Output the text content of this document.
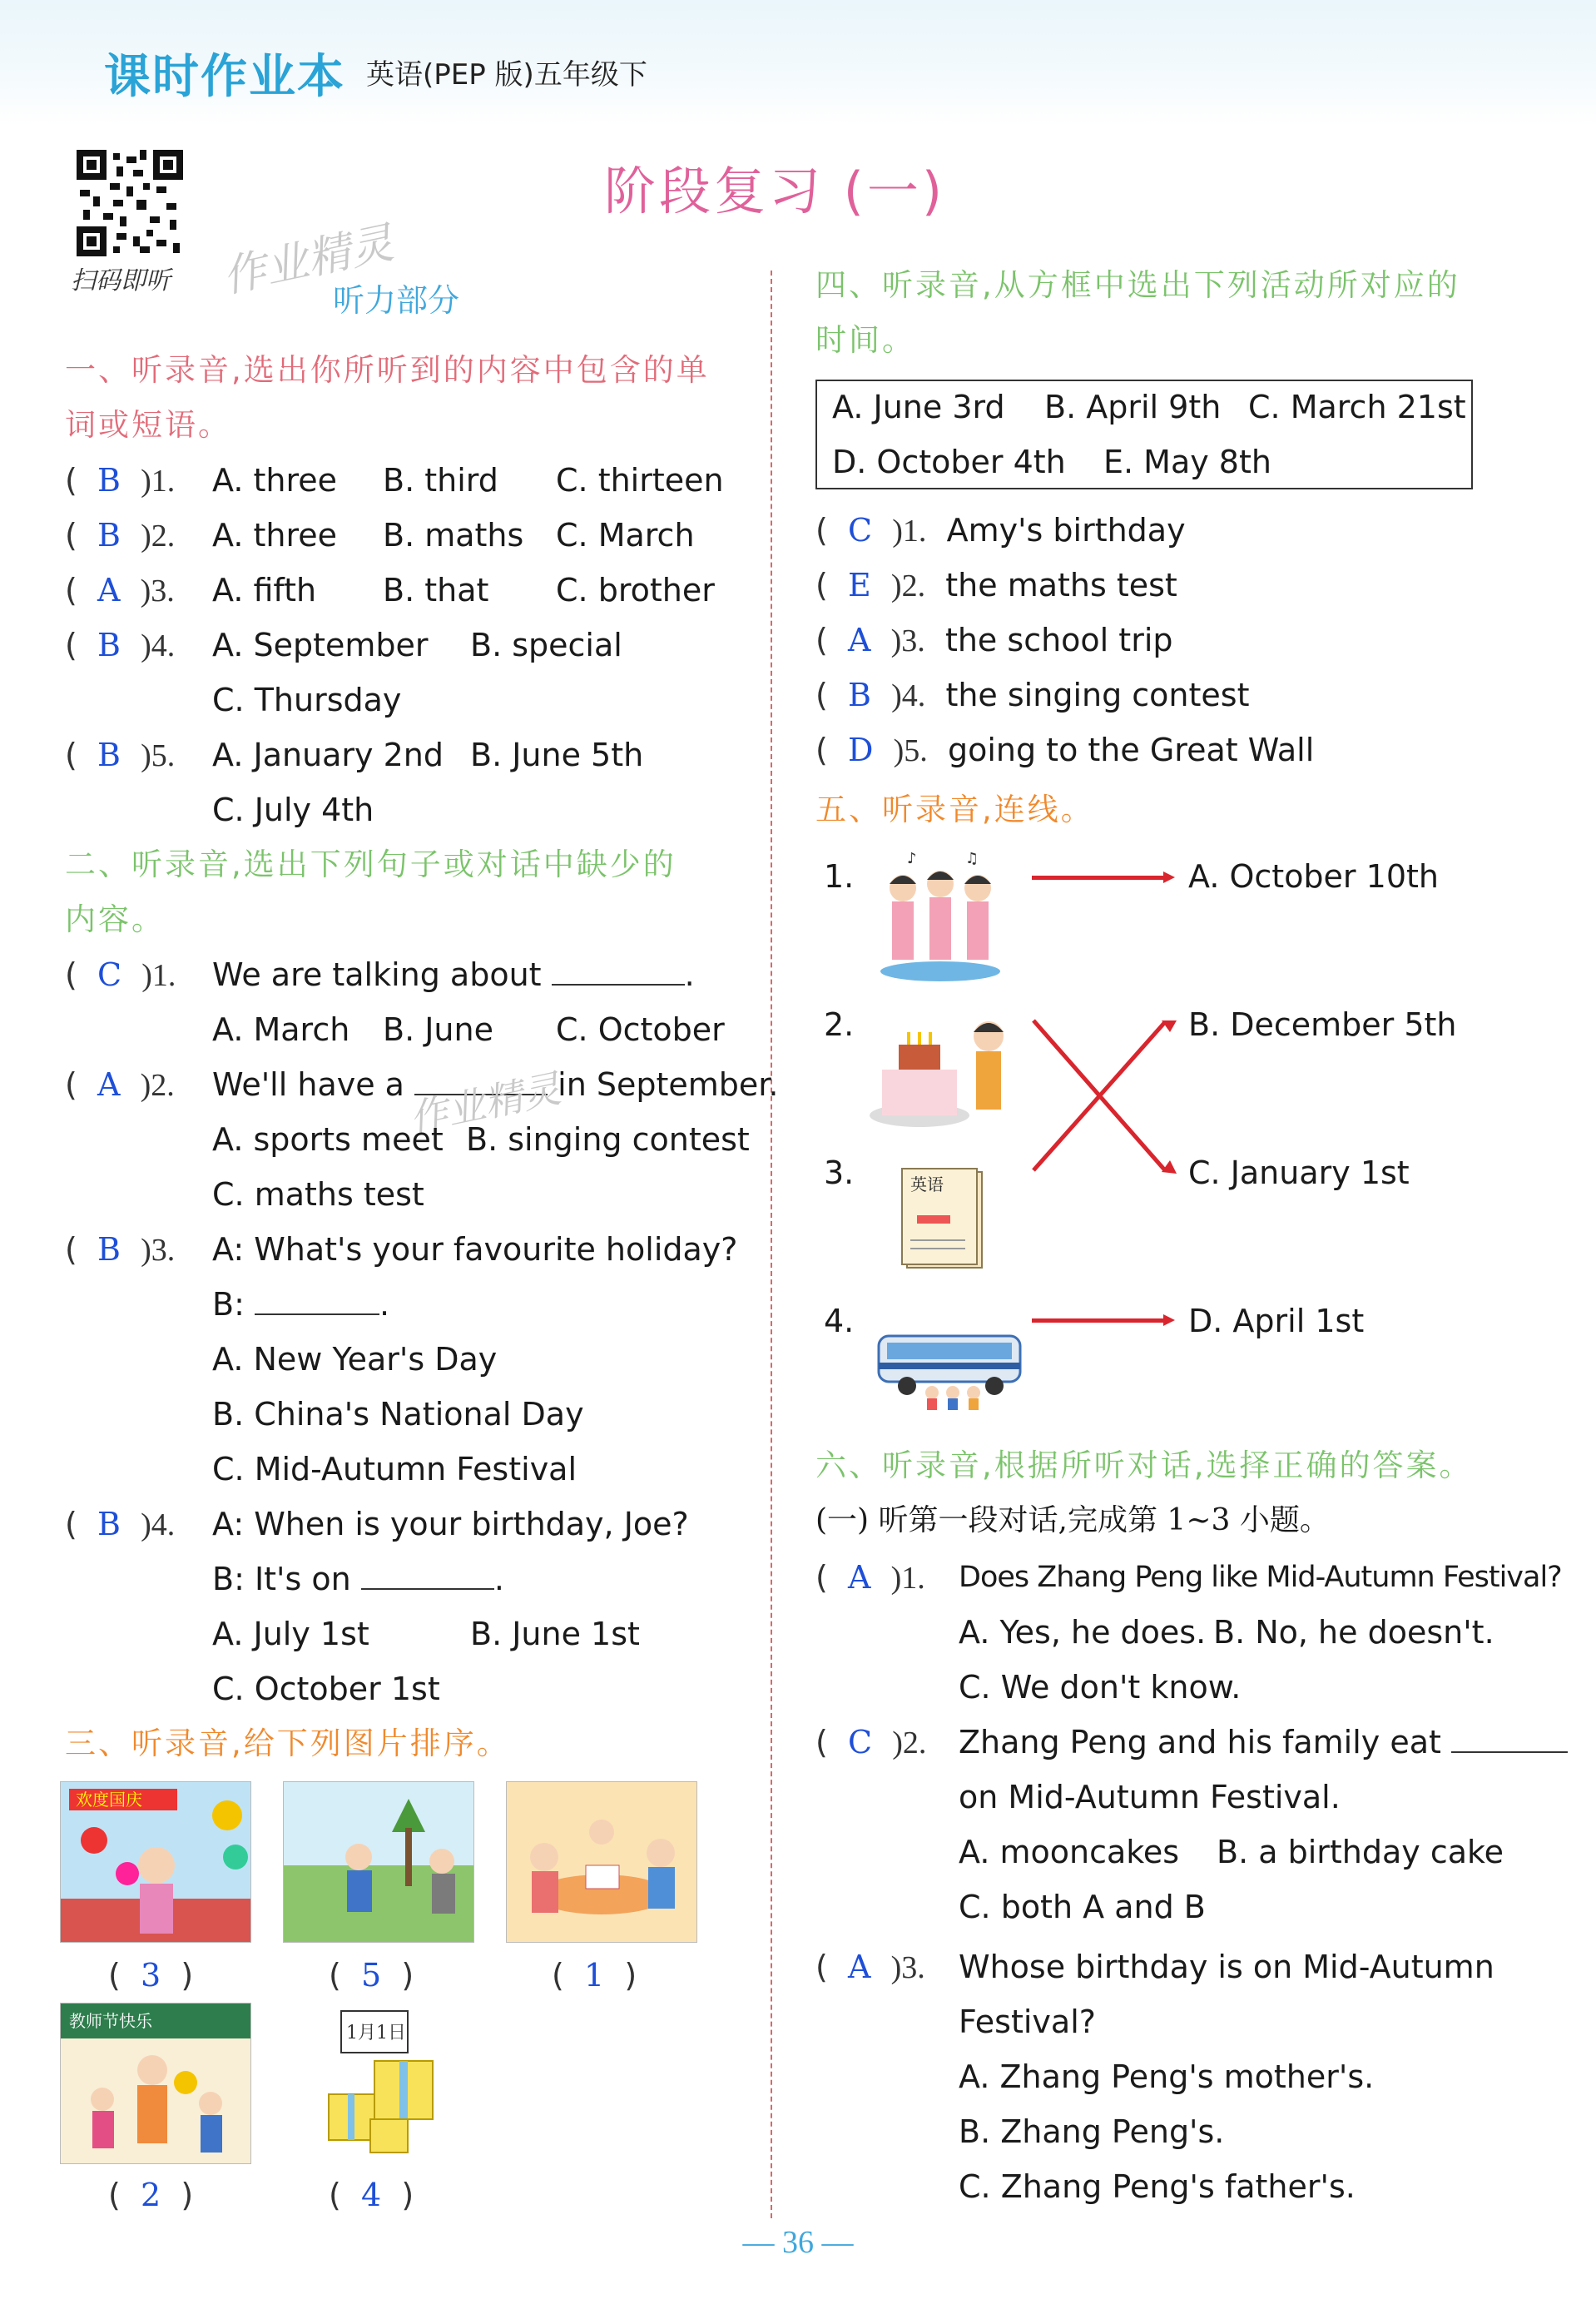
课时作业本 英语(PEP 版)五年级下
扫码即听 作业精灵
听力部分
阶段复习 (一)
一、听录音,选出你所听到的内容中包含的单
词或短语。
( B )1. A. three B. third C. thirteen
( B )2. A. three B. maths C. March
( A )3. A. fifth B. that C. brother
( B )4. A. September B. special
C. Thursday
( B )5. A. January 2nd B. June 5th
C. July 4th
二、听录音,选出下列句子或对话中缺少的
内容。
( C )1. We are talking about	.
A. March B. June C. October
( A )2. We'll have a	in September.
作业精灵
A. sports meet B. singing contest
C. maths test
( B )3. A: What's your favourite holiday?
B:	.
A. New Year's Day
B. China's National Day
C. Mid-Autumn Festival
( B )4. A: When is your birthday, Joe?
B: It's on	.
A. July 1st	B. June 1st
C. October 1st
三、听录音,给下列图片排序。
欢度国庆
( 3 )	( 5 )	( 1 )
教师节快乐
( 2 )
1月1日
( 4 )
四、听录音,从方框中选出下列活动所对应的
时间。
A. June 3rd B. April 9th C. March 21st
D. October 4th E. May 8th
( C )1. Amy's birthday
( E )2. the maths test
( A )3. the school trip
( B )4. the singing contest
( D )5. going to the Great Wall
五、听录音,连线。
1.
2.
3.
4.
♪	♫
英语
A. October 10th
B. December 5th
C. January 1st
D. April 1st
六、听录音,根据所听对话,选择正确的答案。
(一) 听第一段对话,完成第 1~3 小题。
( A )1. Does Zhang Peng like Mid-Autumn Festival?
A. Yes, he does. B. No, he doesn't.
C. We don't know.
( C )2. Zhang Peng and his family eat
on Mid-Autumn Festival.
A. mooncakes B. a birthday cake
C. both A and B
( A )3. Whose birthday is on Mid-Autumn
Festival?
A. Zhang Peng's mother's.
B. Zhang Peng's.
C. Zhang Peng's father's.
— 36 —
